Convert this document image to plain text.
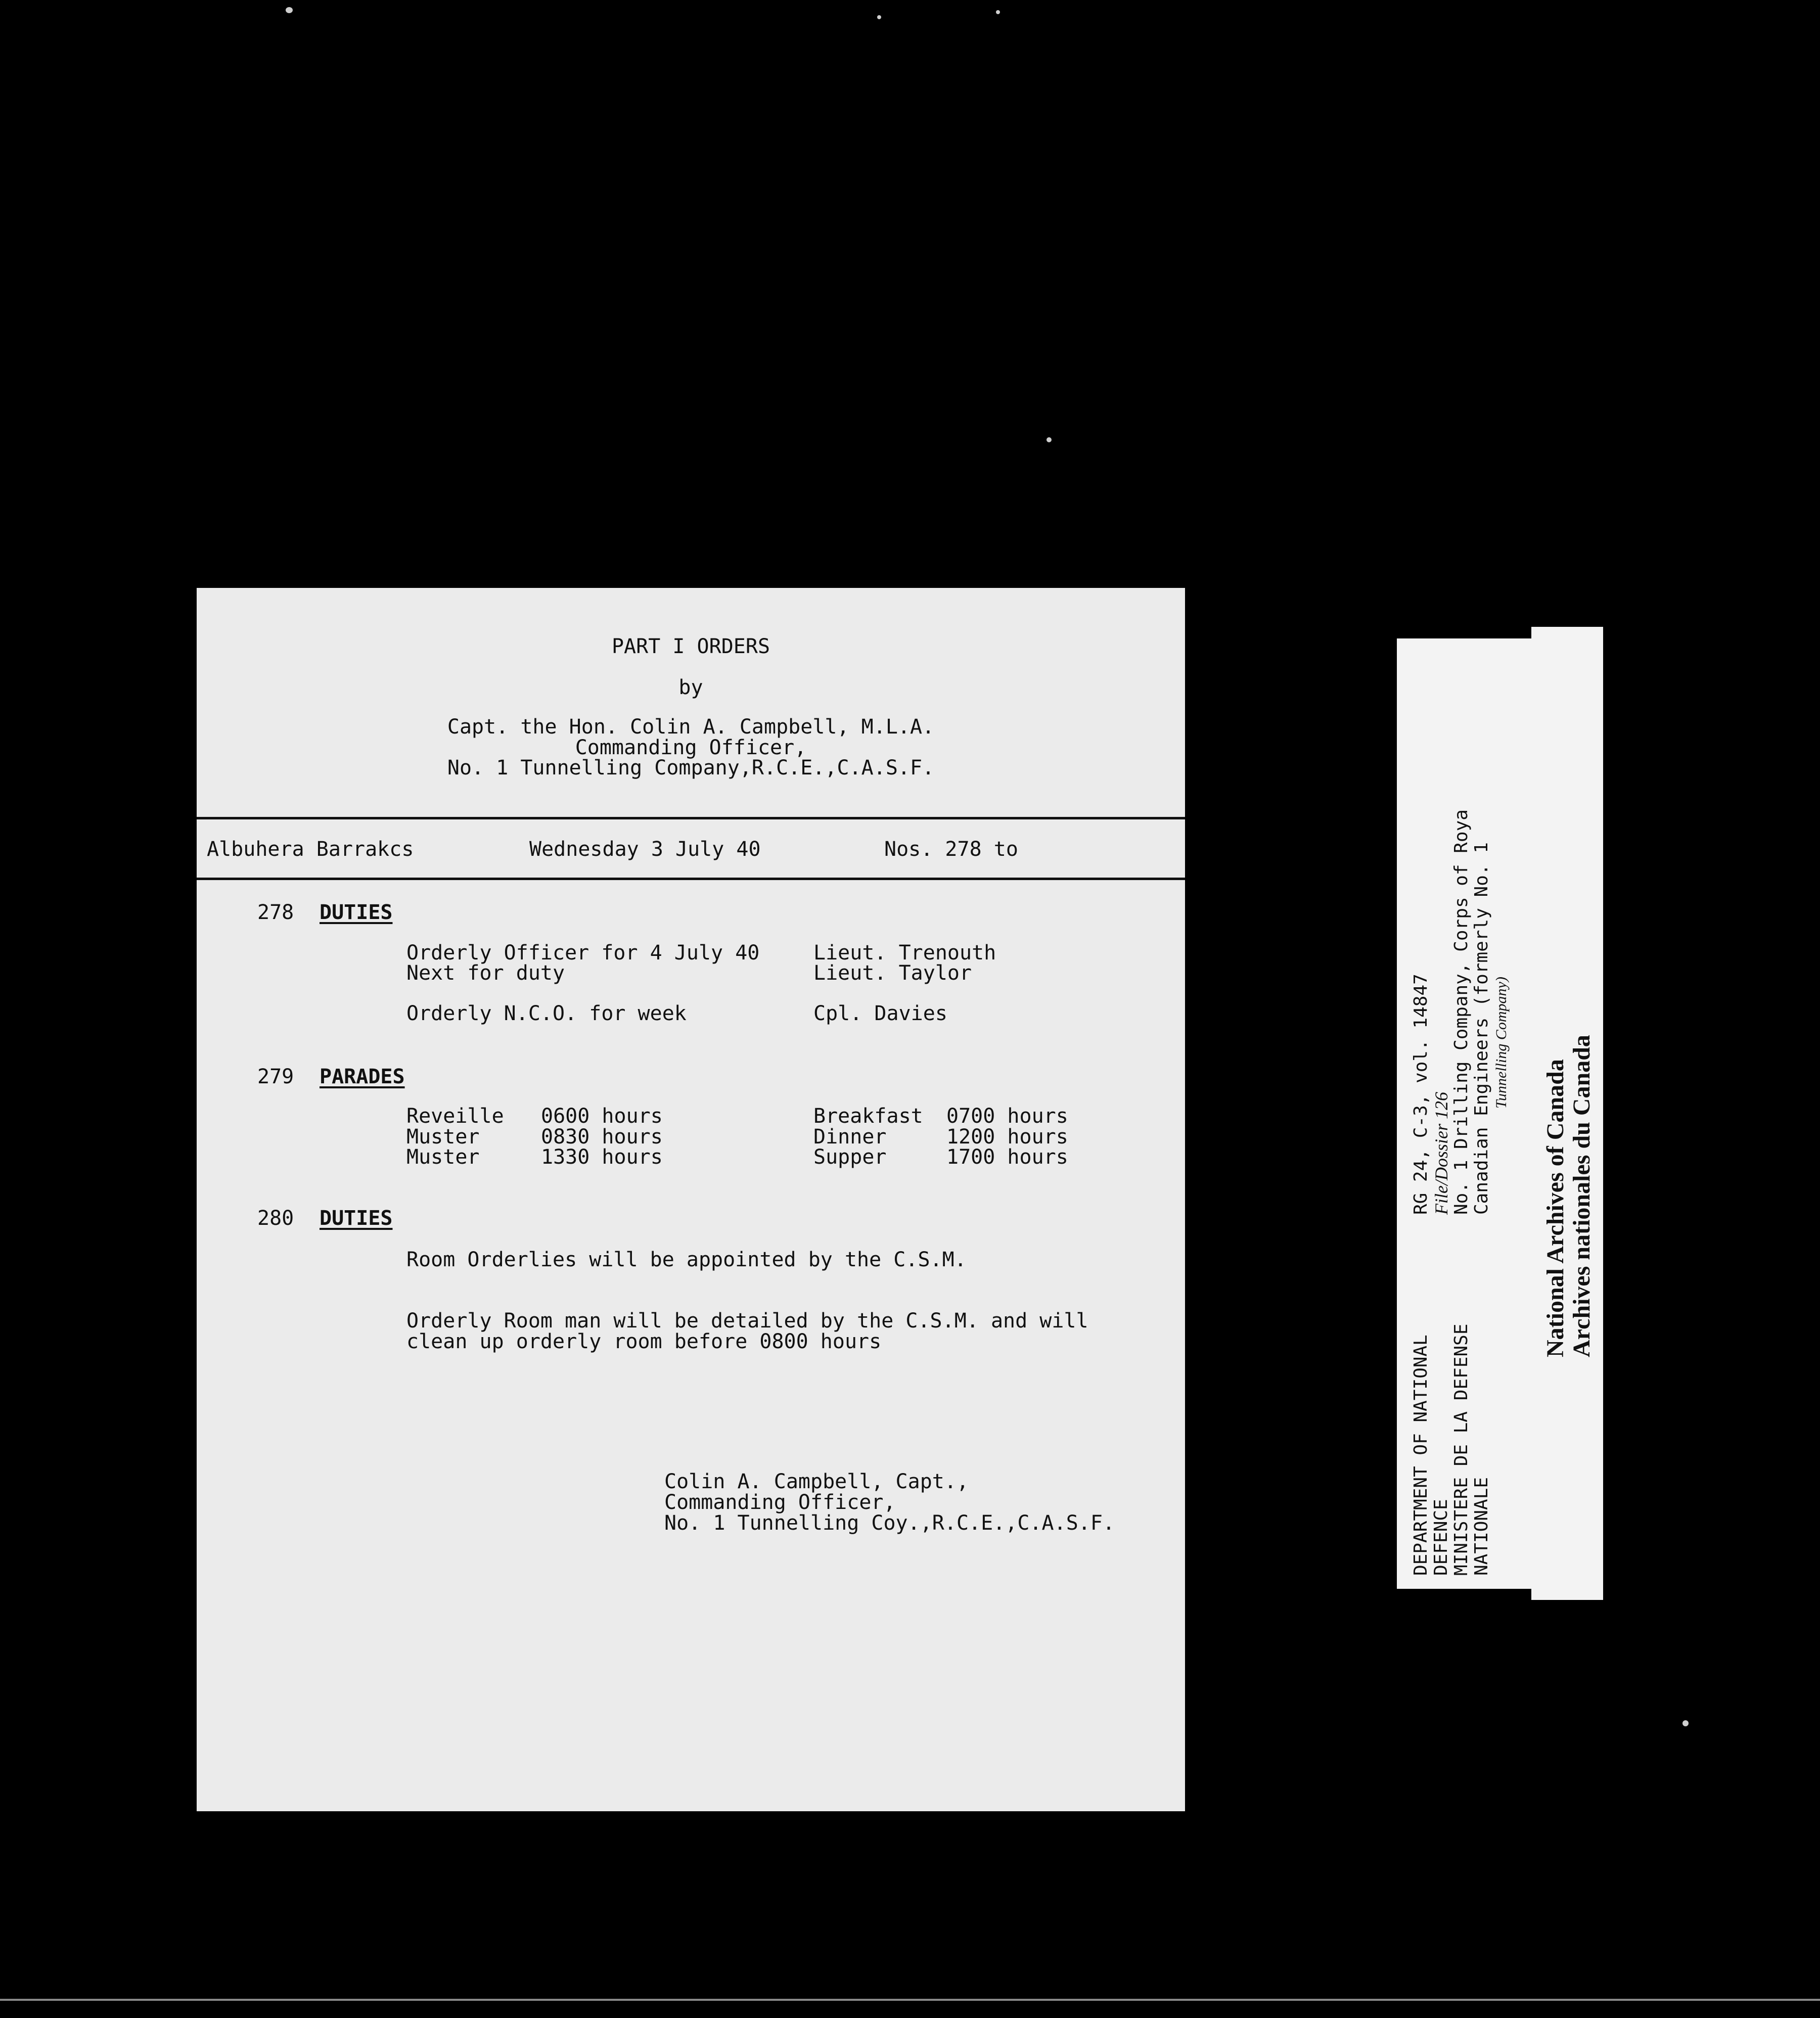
PART I ORDERS
by
Capt. the Hon. Colin A. Campbell, M.L.A.
Commanding Officer,
No. 1 Tunnelling Company,R.C.E.,C.A.S.F.
Albuhera Barrakcs	Wednesday 3 July 40	Nos. 278 to
278 DUTIES
Orderly Officer for 4 July 40	Lieut. Trenouth
Next for duty	Lieut. Taylor
Orderly N.C.O. for week	Cpl. Davies
279 PARADES
Reveille 0600 hours	Breakfast 0700 hours
Muster	0830 hours	Dinner	1200 hours
Muster	1330 hours	Supper	1700 hours
280 DUTIES
Room Orderlies will be appointed by the C.S.M.
Orderly Room man will be detailed by the C.S.M. and will
clean up orderly room before 0800 hours
Colin A. Campbell, Capt.,
Commanding Officer,
No. 1 Tunnelling Coy.,R.C.E.,C.A.S.F.	DEPARTMENT OF NATIONAL DEFENCE MINISTERE DE LA DEFENSE NATIONALE
RG 24, C-3, vol. 14847 File/Dossier 126 No. 1 Drilling Company, Corps of Roya Canadian Engineers (formerly No. 1 Tunnelling Company)
National Archives of Canada Archives nationales du Canada
